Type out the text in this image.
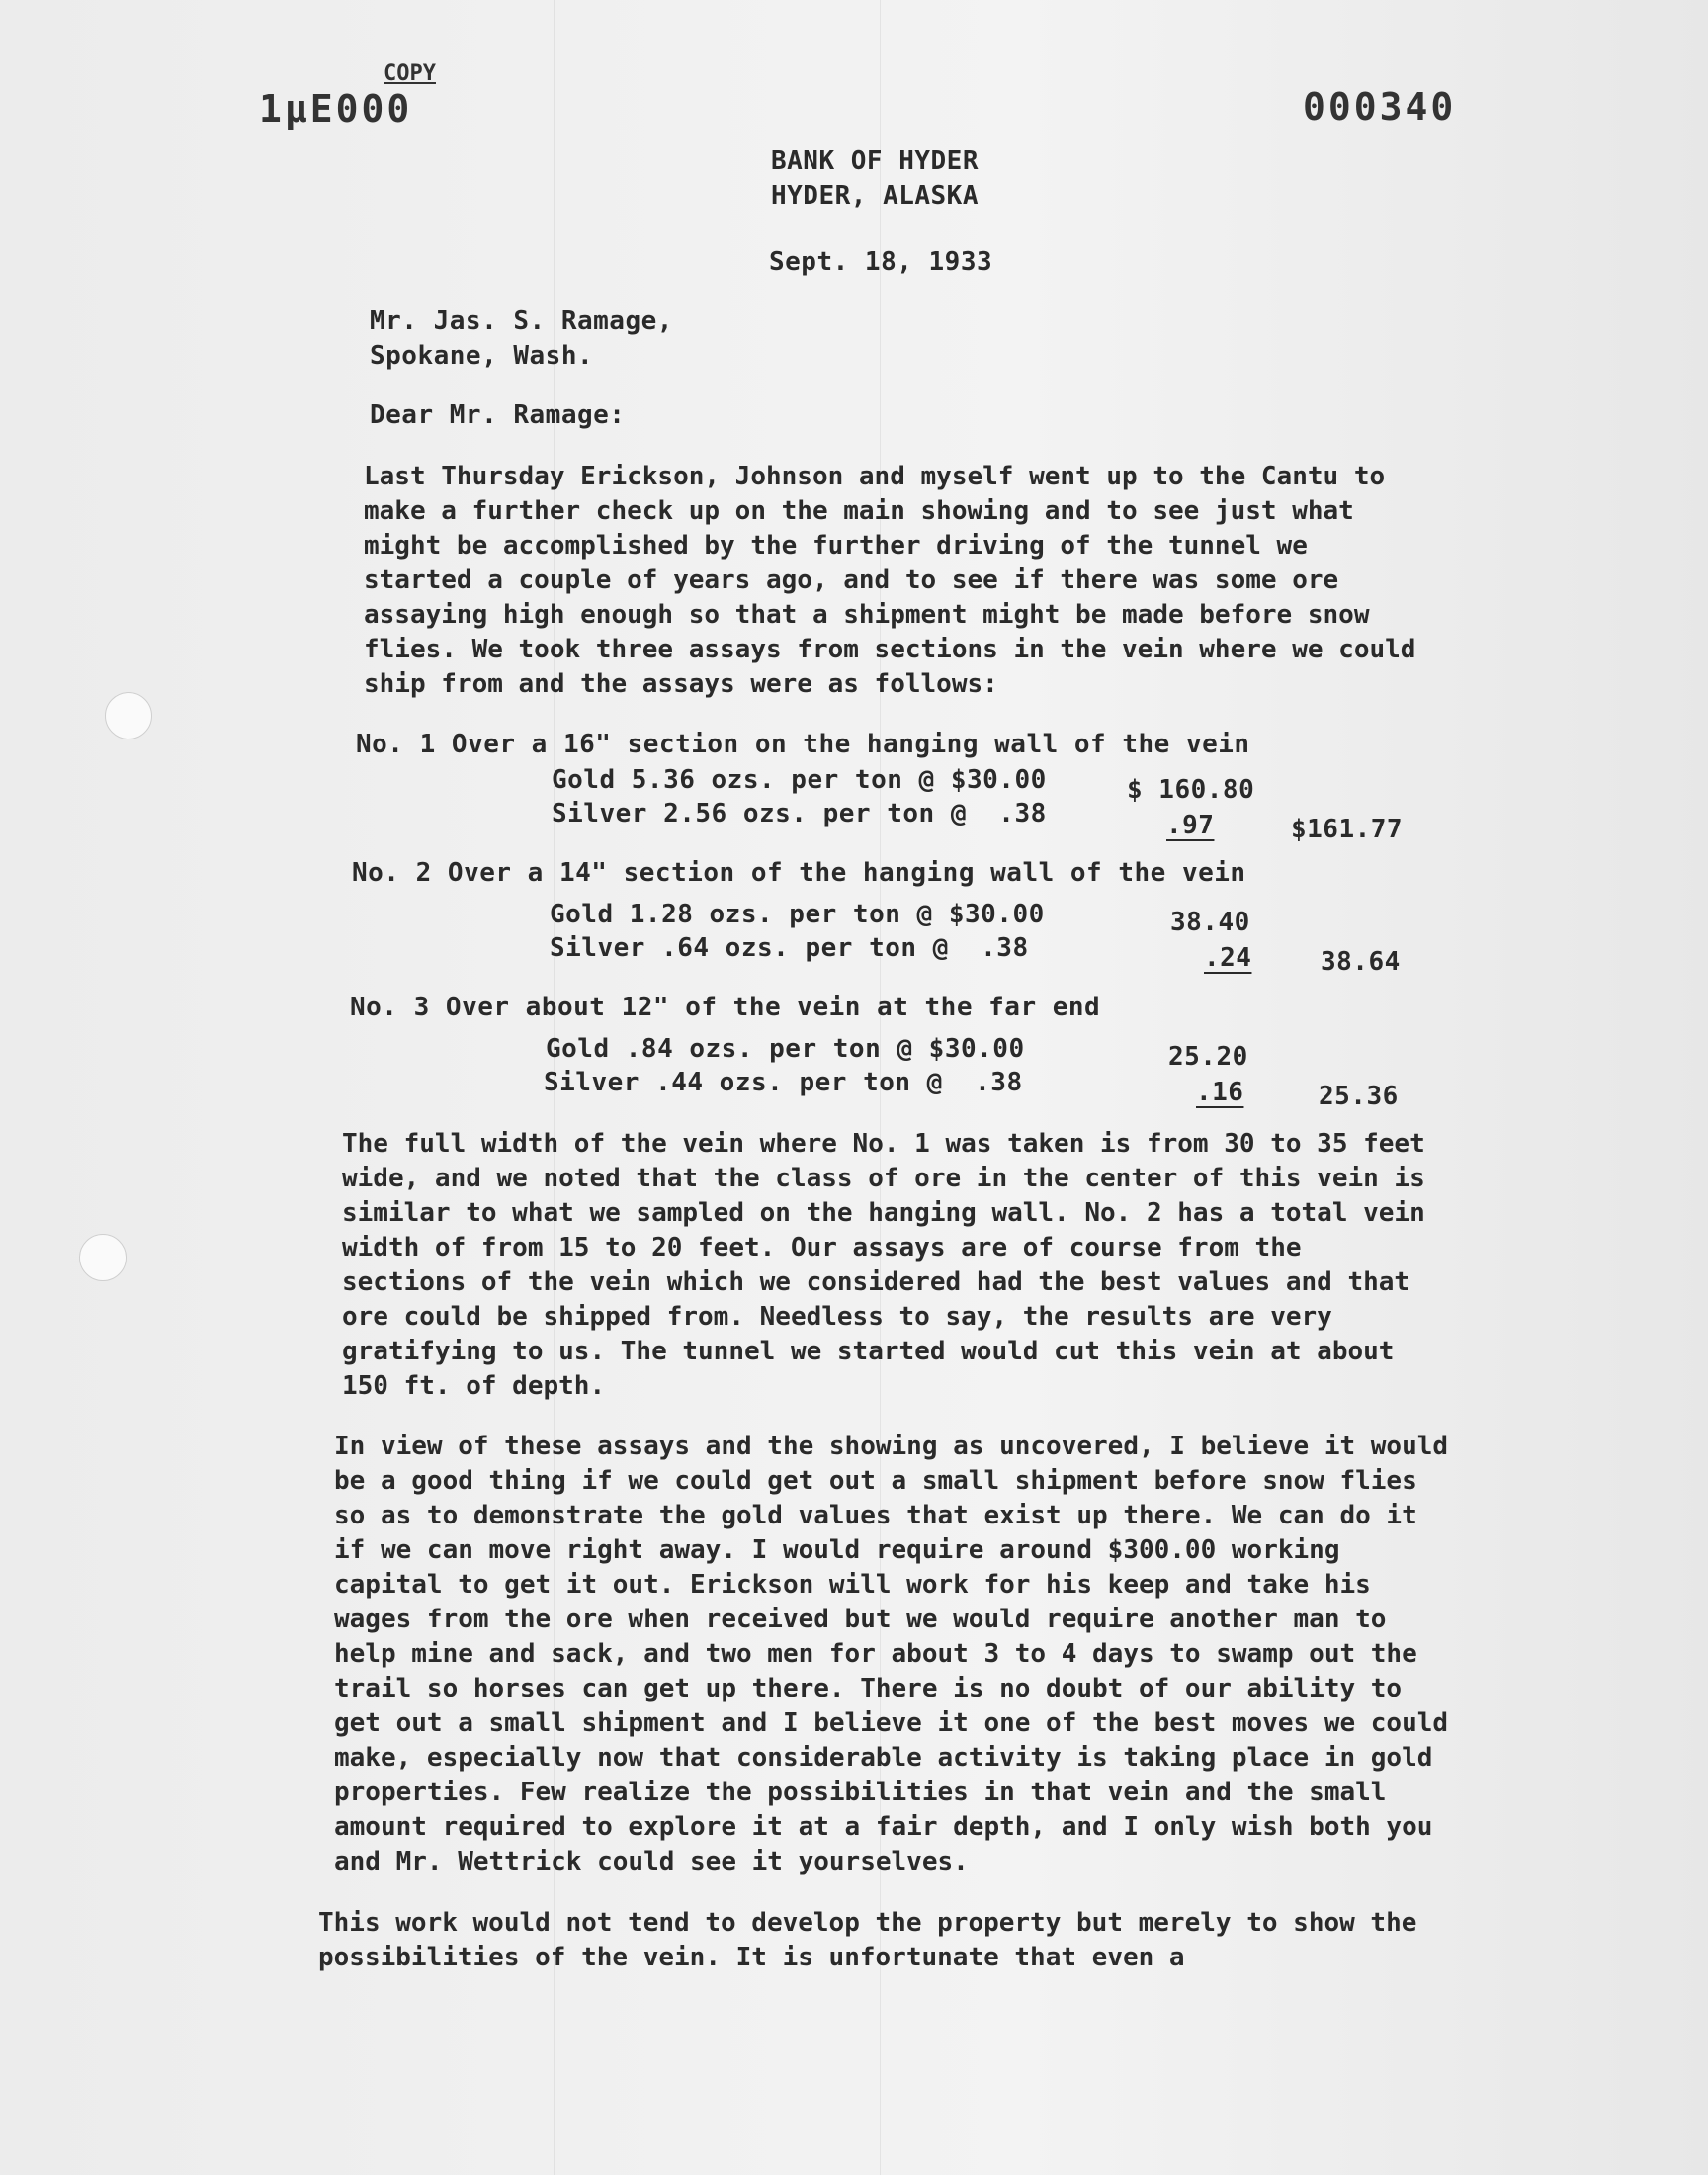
COPY
1μE000	000340
BANK OF HYDER
HYDER, ALASKA
Sept. 18, 1933
Mr. Jas. S. Ramage,
Spokane, Wash.
Dear Mr. Ramage:
Last Thursday Erickson, Johnson and myself went up to the Cantu to make a further check up on the main showing and to see just what might be accomplished by the further driving of the tunnel we started a couple of years ago, and to see if there was some ore assaying high enough so that a shipment might be made before snow flies. We took three assays from sections in the vein where we could ship from and the assays were as follows:
No. 1 Over a 16" section on the hanging wall of the vein
Gold 5.36 ozs. per ton @ $30.00	$ 160.80
Silver 2.56 ozs. per ton @  .38	.97	$161.77
No. 2 Over a 14" section of the hanging wall of the vein
Gold 1.28 ozs. per ton @ $30.00	38.40
Silver .64 ozs. per ton @  .38	.24	38.64
No. 3 Over about 12" of the vein at the far end
Gold .84 ozs. per ton @ $30.00	25.20
Silver .44 ozs. per ton @  .38	.16	25.36
The full width of the vein where No. 1 was taken is from 30 to 35 feet wide, and we noted that the class of ore in the center of this vein is similar to what we sampled on the hanging wall. No. 2 has a total vein width of from 15 to 20 feet. Our assays are of course from the sections of the vein which we considered had the best values and that ore could be shipped from. Needless to say, the results are very gratifying to us. The tunnel we started would cut this vein at about 150 ft. of depth.
In view of these assays and the showing as uncovered, I believe it would be a good thing if we could get out a small shipment before snow flies so as to demonstrate the gold values that exist up there. We can do it if we can move right away. I would require around $300.00 working capital to get it out. Erickson will work for his keep and take his wages from the ore when received but we would require another man to help mine and sack, and two men for about 3 to 4 days to swamp out the trail so horses can get up there. There is no doubt of our ability to get out a small shipment and I believe it one of the best moves we could make, especially now that considerable activity is taking place in gold properties. Few realize the possibilities in that vein and the small amount required to explore it at a fair depth, and I only wish both you and Mr. Wettrick could see it yourselves.
This work would not tend to develop the property but merely to show the possibilities of the vein. It is unfortunate that even a
